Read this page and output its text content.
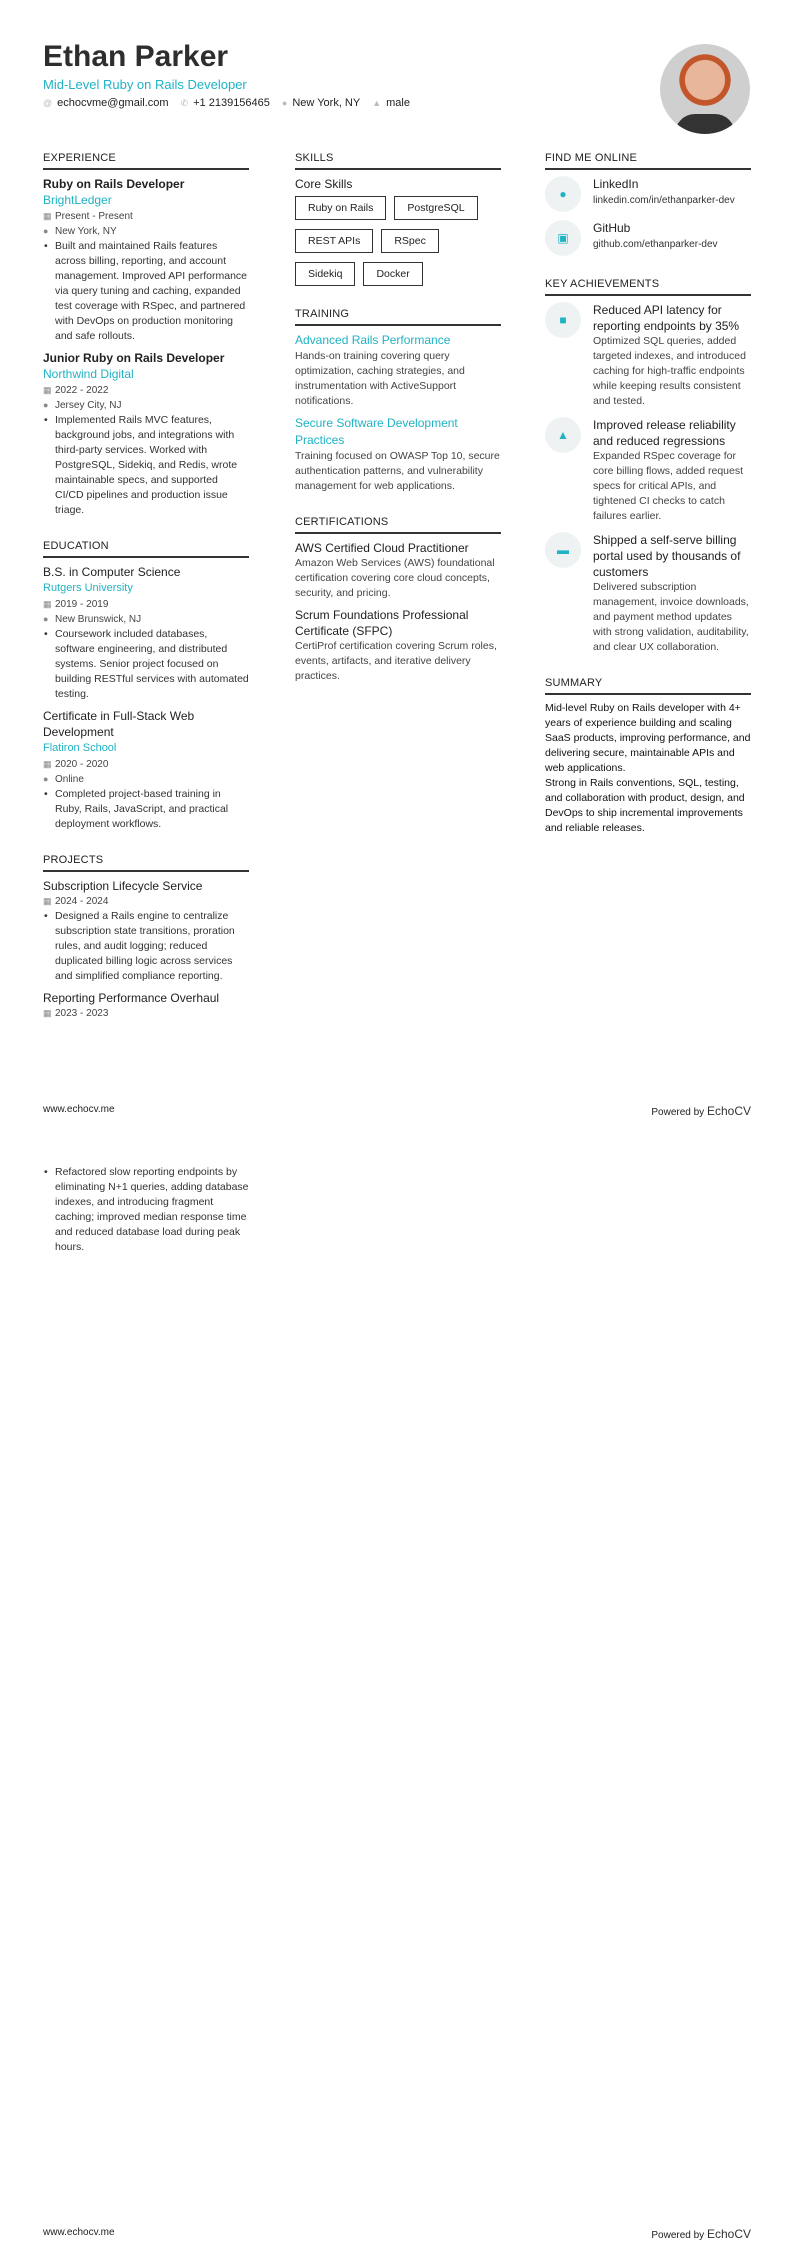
Ethan Parker
Mid-Level Ruby on Rails Developer
@ echocvme@gmail.com ✆ +1 2139156465 ● New York, NY ▲ male
EXPERIENCE
Ruby on Rails Developer
BrightLedger
▦ Present - Present
● New York, NY
• Built and maintained Rails features across billing, reporting, and account management. Improved API performance via query tuning and caching, expanded test coverage with RSpec, and partnered with DevOps on production monitoring and safe rollouts.
Junior Ruby on Rails Developer
Northwind Digital
▦ 2022 - 2022
● Jersey City, NJ
• Implemented Rails MVC features, background jobs, and integrations with third-party services. Worked with PostgreSQL, Sidekiq, and Redis, wrote maintainable specs, and supported CI/CD pipelines and production issue triage.
EDUCATION
B.S. in Computer Science
Rutgers University
▦ 2019 - 2019
● New Brunswick, NJ
• Coursework included databases, software engineering, and distributed systems. Senior project focused on building RESTful services with automated testing.
Certificate in Full-Stack Web Development
Flatiron School
▦ 2020 - 2020
● Online
• Completed project-based training in Ruby, Rails, JavaScript, and practical deployment workflows.
PROJECTS
Subscription Lifecycle Service
▦ 2024 - 2024
• Designed a Rails engine to centralize subscription state transitions, proration rules, and audit logging; reduced duplicated billing logic across services and simplified compliance reporting.
Reporting Performance Overhaul
▦ 2023 - 2023
SKILLS
Core Skills
Ruby on Rails	PostgreSQL
REST APIs	RSpec
Sidekiq	Docker
TRAINING
Advanced Rails Performance
Hands-on training covering query optimization, caching strategies, and instrumentation with ActiveSupport notifications.
Secure Software Development Practices
Training focused on OWASP Top 10, secure authentication patterns, and vulnerability management for web applications.
CERTIFICATIONS
AWS Certified Cloud Practitioner
Amazon Web Services (AWS) foundational certification covering core cloud concepts, security, and pricing.
Scrum Foundations Professional Certificate (SFPC)
CertiProf certification covering Scrum roles, events, artifacts, and iterative delivery practices.
FIND ME ONLINE
●
LinkedIn
linkedin.com/in/ethanparker-dev
▣
GitHub
github.com/ethanparker-dev
KEY ACHIEVEMENTS
■
Reduced API latency for reporting endpoints by 35%
Optimized SQL queries, added targeted indexes, and introduced caching for high-traffic endpoints while keeping results consistent and tested.
▲
Improved release reliability and reduced regressions
Expanded RSpec coverage for core billing flows, added request specs for critical APIs, and tightened CI checks to catch failures earlier.
▬
Shipped a self-serve billing portal used by thousands of customers
Delivered subscription management, invoice downloads, and payment method updates with strong validation, auditability, and clear UX collaboration.
SUMMARY
Mid-level Ruby on Rails developer with 4+ years of experience building and scaling SaaS products, improving performance, and delivering secure, maintainable APIs and web applications.
Strong in Rails conventions, SQL, testing, and collaboration with product, design, and DevOps to ship incremental improvements and reliable releases.
www.echocv.me	Powered by EchoCV
• Refactored slow reporting endpoints by eliminating N+1 queries, adding database indexes, and introducing fragment caching; improved median response time and reduced database load during peak hours.
www.echocv.me	Powered by EchoCV
